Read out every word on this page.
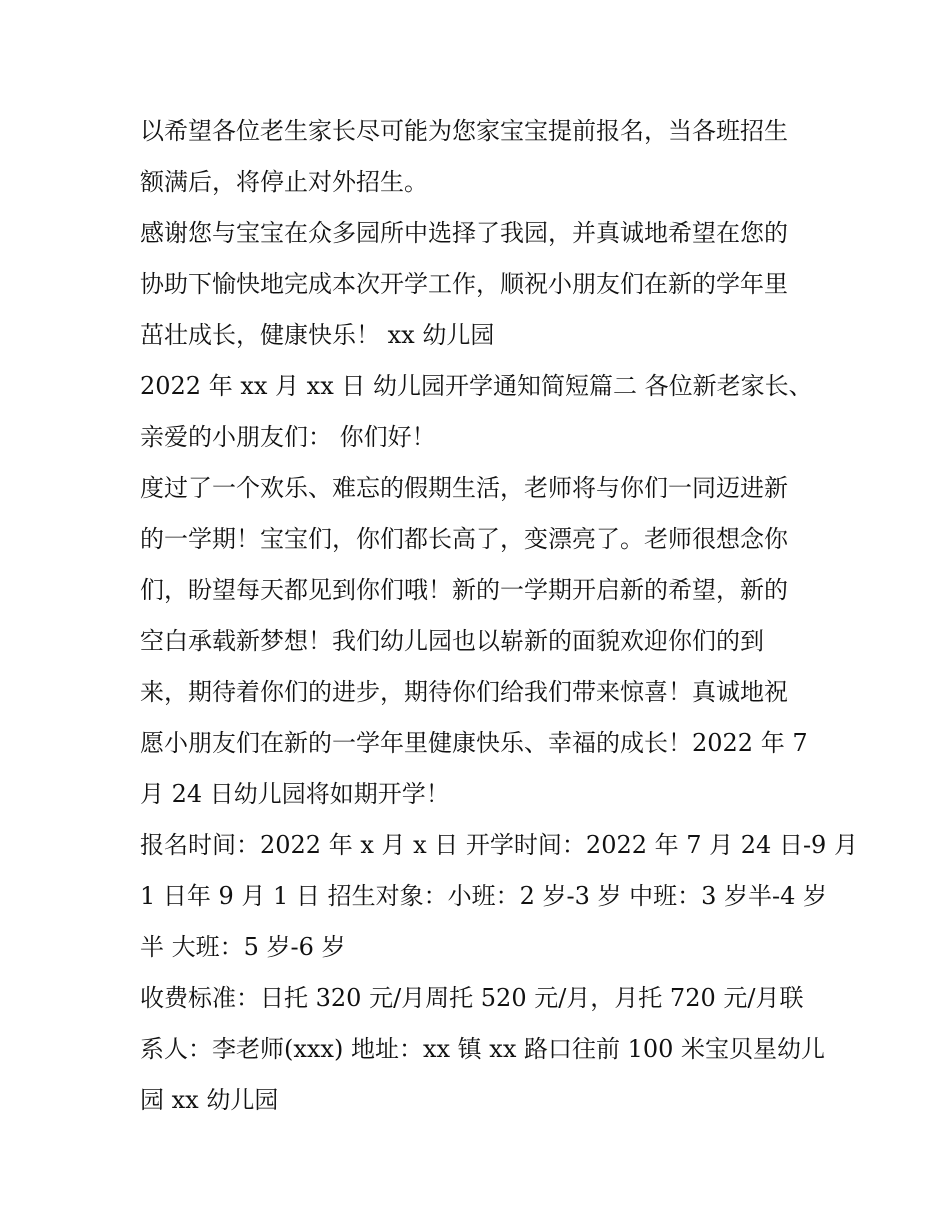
以希望各位老生家长尽可能为您家宝宝提前报名，当各班招生
额满后，将停止对外招生。
感谢您与宝宝在众多园所中选择了我园，并真诚地希望在您的
协助下愉快地完成本次开学工作，顺祝小朋友们在新的学年里
茁壮成长，健康快乐！ xx 幼儿园
2022 年 xx 月 xx 日 幼儿园开学通知简短篇二 各位新老家长、
亲爱的小朋友们： 你们好！
度过了一个欢乐、难忘的假期生活，老师将与你们一同迈进新
的一学期！宝宝们，你们都长高了，变漂亮了。老师很想念你
们，盼望每天都见到你们哦！新的一学期开启新的希望，新的
空白承载新梦想！我们幼儿园也以崭新的面貌欢迎你们的到
来，期待着你们的进步，期待你们给我们带来惊喜！真诚地祝
愿小朋友们在新的一学年里健康快乐、幸福的成长！2022 年 7
月 24 日幼儿园将如期开学！
报名时间：2022 年 x 月 x 日 开学时间：2022 年 7 月 24 日-9 月
1 日年 9 月 1 日 招生对象：小班：2 岁-3 岁 中班：3 岁半-4 岁
半 大班：5 岁-6 岁
收费标准：日托 320 元/月周托 520 元/月，月托 720 元/月联
系人：李老师(xxx) 地址：xx 镇 xx 路口往前 100 米宝贝星幼儿
园 xx 幼儿园
